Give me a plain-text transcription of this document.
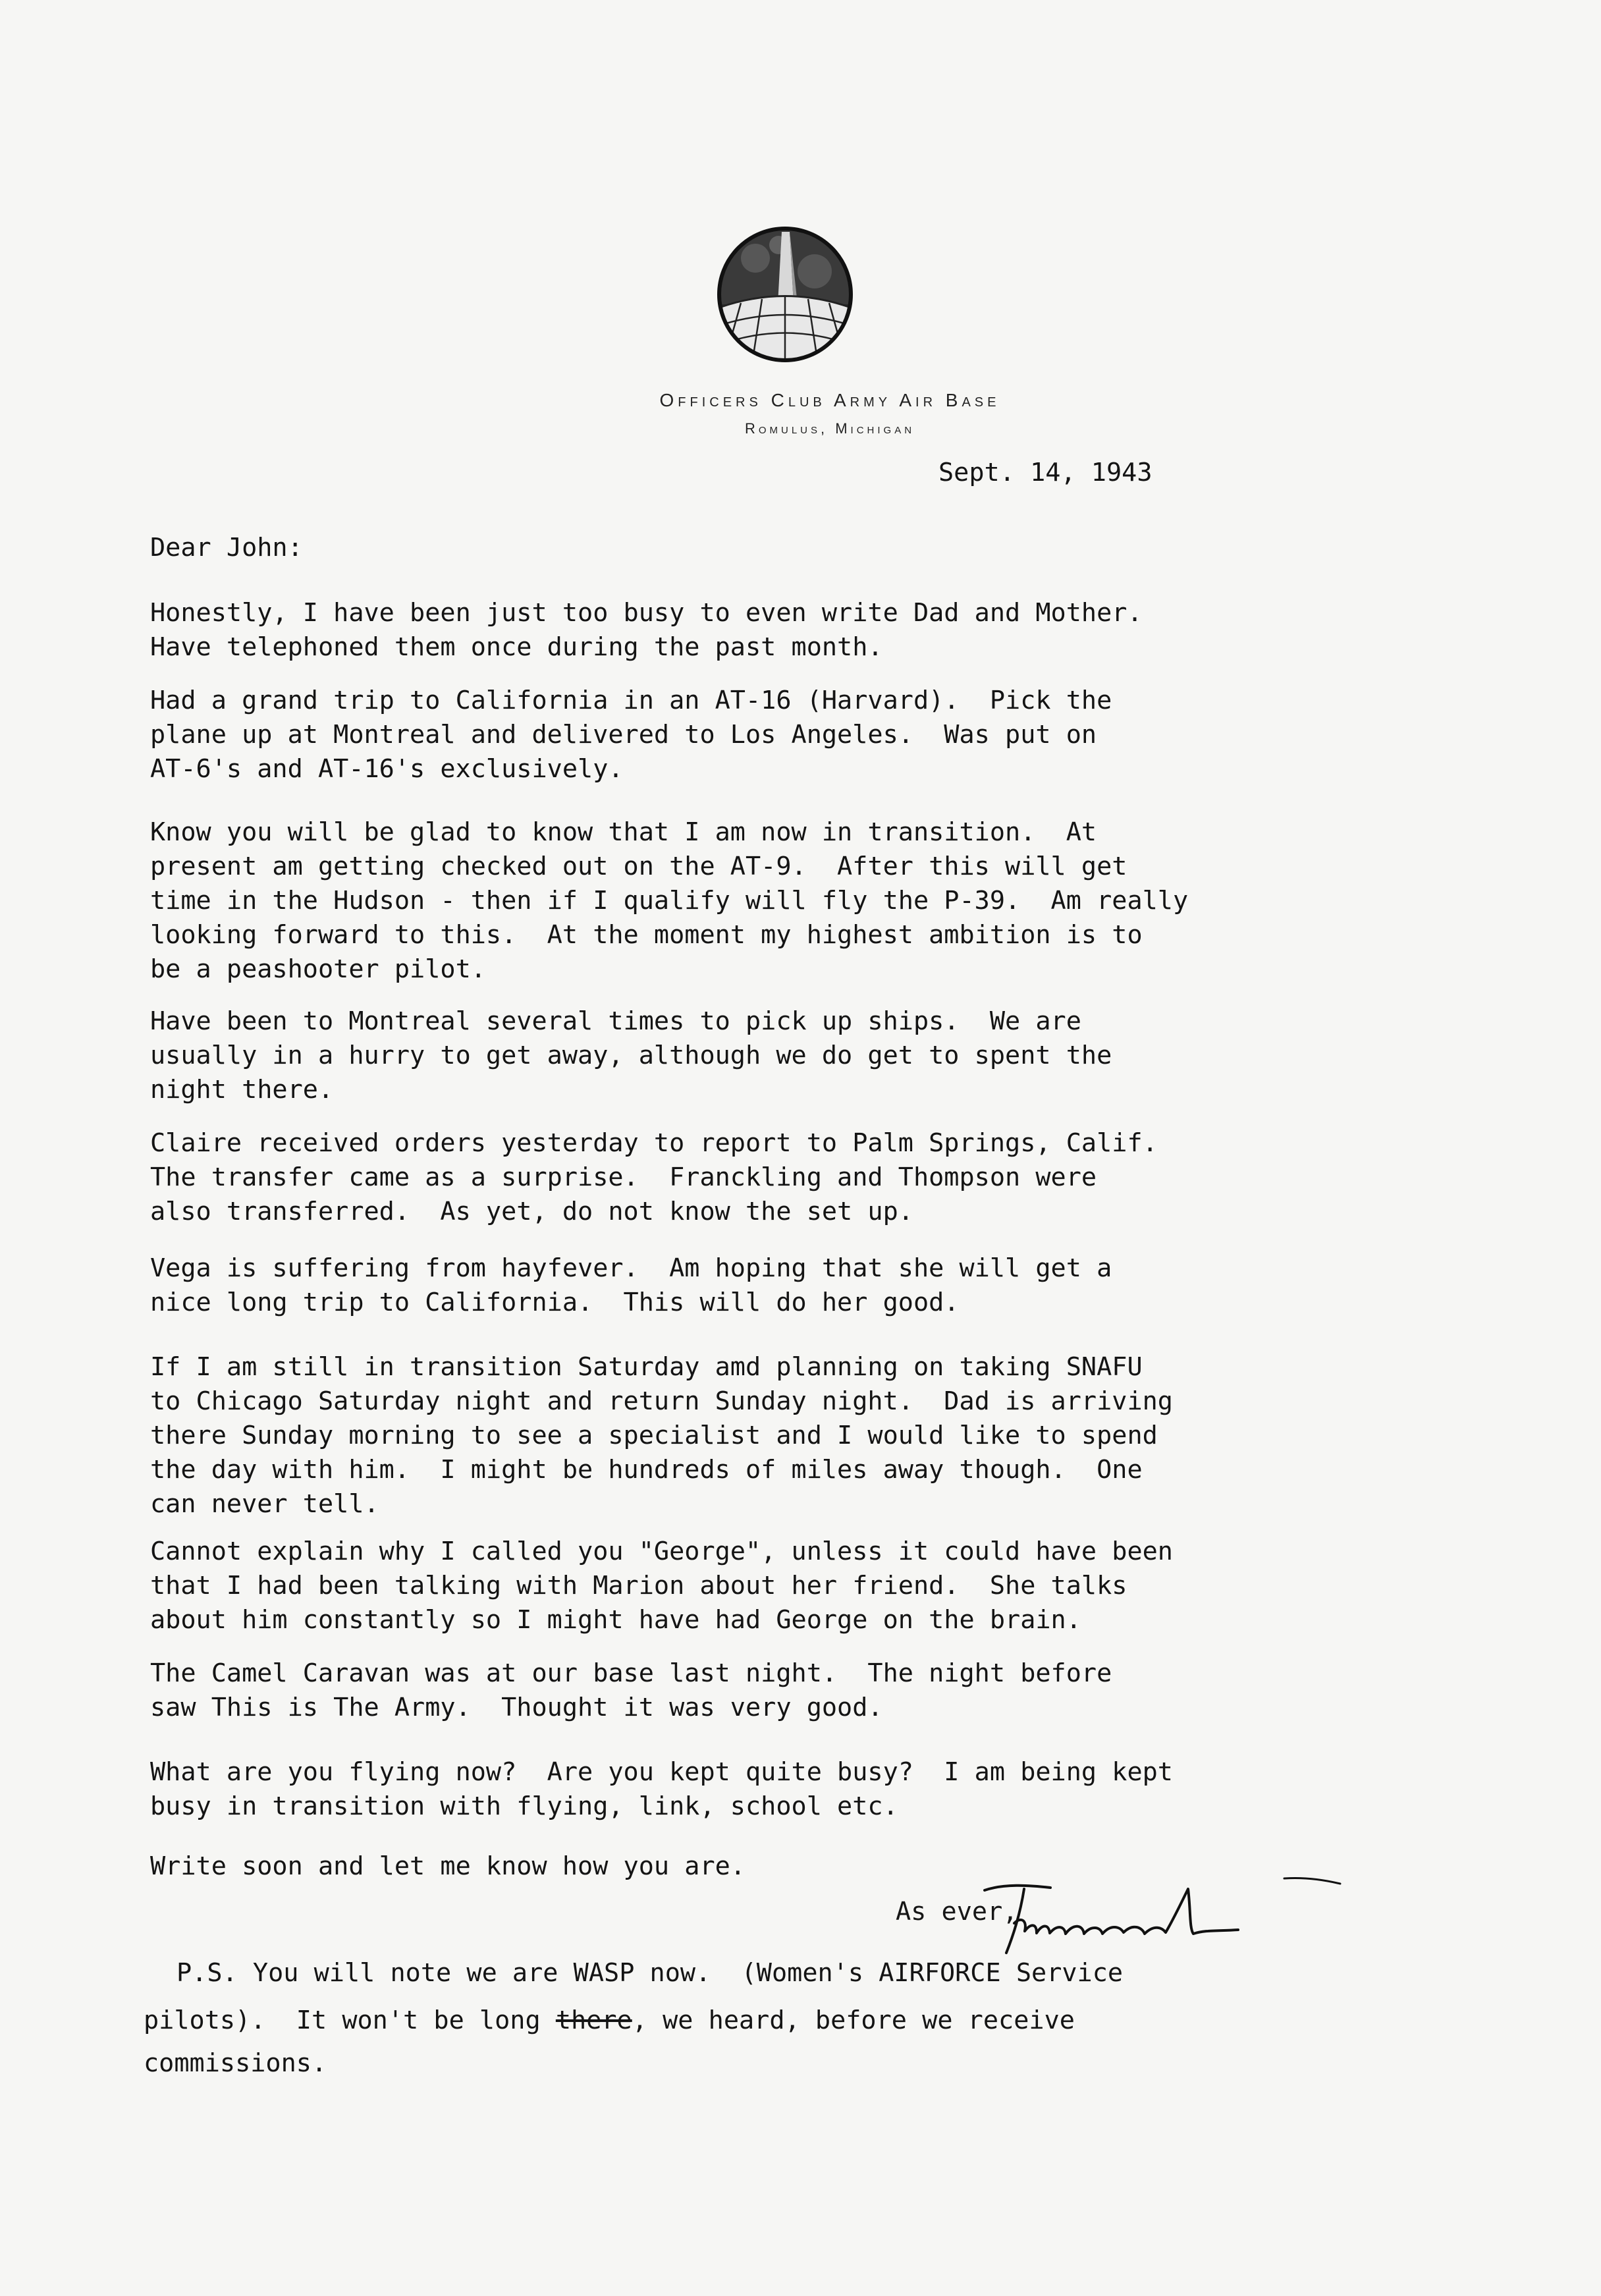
Officers Club Army Air Base
Romulus, Michigan
Sept. 14, 1943
Dear John:
Honestly, I have been just too busy to even write Dad and Mother.
Have telephoned them once during the past month.
Had a grand trip to California in an AT-16 (Harvard).  Pick the
plane up at Montreal and delivered to Los Angeles.  Was put on
AT-6's and AT-16's exclusively.
Know you will be glad to know that I am now in transition.  At
present am getting checked out on the AT-9.  After this will get
time in the Hudson - then if I qualify will fly the P-39.  Am really
looking forward to this.  At the moment my highest ambition is to
be a peashooter pilot.
Have been to Montreal several times to pick up ships.  We are
usually in a hurry to get away, although we do get to spent the
night there.
Claire received orders yesterday to report to Palm Springs, Calif.
The transfer came as a surprise.  Franckling and Thompson were
also transferred.  As yet, do not know the set up.
Vega is suffering from hayfever.  Am hoping that she will get a
nice long trip to California.  This will do her good.
If I am still in transition Saturday amd planning on taking SNAFU
to Chicago Saturday night and return Sunday night.  Dad is arriving
there Sunday morning to see a specialist and I would like to spend
the day with him.  I might be hundreds of miles away though.  One
can never tell.
Cannot explain why I called you "George", unless it could have been
that I had been talking with Marion about her friend.  She talks
about him constantly so I might have had George on the brain.
The Camel Caravan was at our base last night.  The night before
saw This is The Army.  Thought it was very good.
What are you flying now?  Are you kept quite busy?  I am being kept
busy in transition with flying, link, school etc.
Write soon and let me know how you are.
As ever,
P.S. You will note we are WASP now.  (Women's AIRFORCE Service
pilots).  It won't be long there, we heard, before we receive
commissions.
